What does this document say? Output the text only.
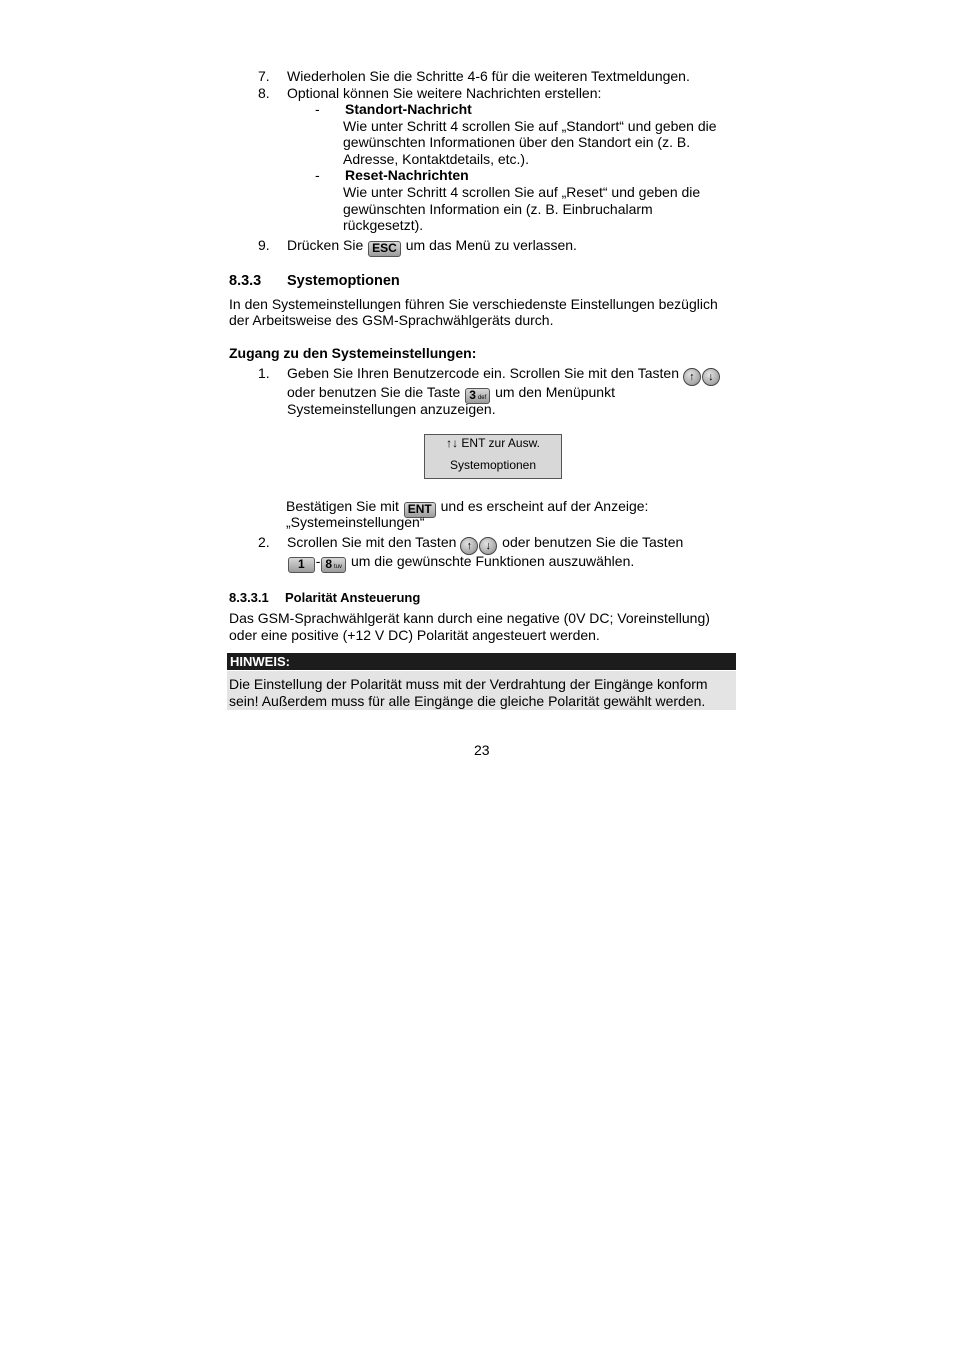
7. Wiederholen Sie die Schritte 4-6 für die weiteren Textmeldungen.
8. Optional können Sie weitere Nachrichten erstellen:
- Standort-Nachricht
Wie unter Schritt 4 scrollen Sie auf „Standort“ und geben die
gewünschten Informationen über den Standort ein (z. B.
Adresse, Kontaktdetails, etc.).
- Reset-Nachrichten
Wie unter Schritt 4 scrollen Sie auf „Reset“ und geben die
gewünschten Information ein (z. B. Einbruchalarm
rückgesetzt).
9. Drücken Sie ESC um das Menü zu verlassen.
8.3.3 Systemoptionen
In den Systemeinstellungen führen Sie verschiedenste Einstellungen bezüglich
der Arbeitsweise des GSM-Sprachwählgeräts durch.
Zugang zu den Systemeinstellungen:
1. Geben Sie Ihren Benutzercode ein. Scrollen Sie mit den Tasten ↑ ↓
oder benutzen Sie die Taste 3 def um den Menüpunkt
Systemeinstellungen anzuzeigen.
↑↓ ENT zur Ausw.
Systemoptionen
Bestätigen Sie mit ENT und es erscheint auf der Anzeige:
„Systemeinstellungen“
2. Scrollen Sie mit den Tasten ↑ ↓ oder benutzen Sie die Tasten
1 - 8 tuv um die gewünschte Funktionen auszuwählen.
8.3.3.1 Polarität Ansteuerung
Das GSM-Sprachwählgerät kann durch eine negative (0V DC; Voreinstellung)
oder eine positive (+12 V DC) Polarität angesteuert werden.
HINWEIS:
Die Einstellung der Polarität muss mit der Verdrahtung der Eingänge konform
sein! Außerdem muss für alle Eingänge die gleiche Polarität gewählt werden.
23
